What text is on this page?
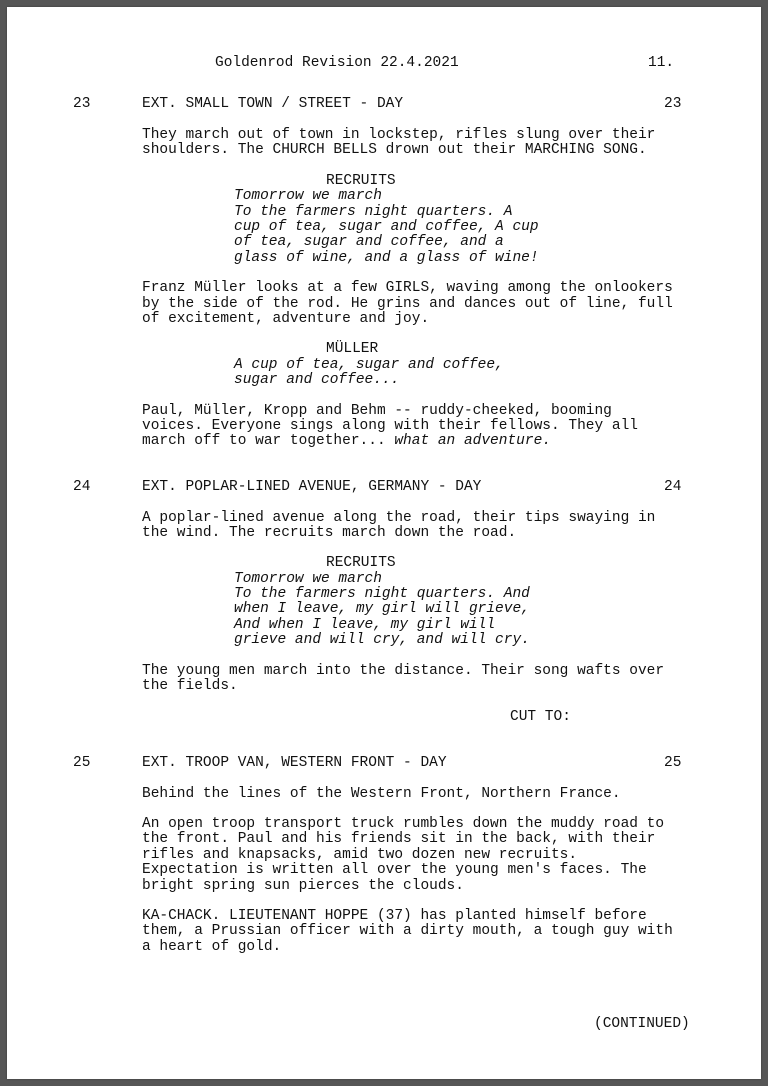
Goldenrod Revision 22.4.2021	11.
23	EXT. SMALL TOWN / STREET - DAY	23
They march out of town in lockstep, rifles slung over their
shoulders. The CHURCH BELLS drown out their MARCHING SONG.
RECRUITS
Tomorrow we march
To the farmers night quarters. A
cup of tea, sugar and coffee, A cup
of tea, sugar and coffee, and a
glass of wine, and a glass of wine!
Franz Müller looks at a few GIRLS, waving among the onlookers
by the side of the rod. He grins and dances out of line, full
of excitement, adventure and joy.
MÜLLER
A cup of tea, sugar and coffee,
sugar and coffee...
Paul, Müller, Kropp and Behm -- ruddy-cheeked, booming
voices. Everyone sings along with their fellows. They all
march off to war together... what an adventure.
24	EXT. POPLAR-LINED AVENUE, GERMANY - DAY	24
A poplar-lined avenue along the road, their tips swaying in
the wind. The recruits march down the road.
RECRUITS
Tomorrow we march
To the farmers night quarters. And
when I leave, my girl will grieve,
And when I leave, my girl will
grieve and will cry, and will cry.
The young men march into the distance. Their song wafts over
the fields.
CUT TO:
25	EXT. TROOP VAN, WESTERN FRONT - DAY	25
Behind the lines of the Western Front, Northern France.
An open troop transport truck rumbles down the muddy road to
the front. Paul and his friends sit in the back, with their
rifles and knapsacks, amid two dozen new recruits.
Expectation is written all over the young men's faces. The
bright spring sun pierces the clouds.
KA-CHACK. LIEUTENANT HOPPE (37) has planted himself before
them, a Prussian officer with a dirty mouth, a tough guy with
a heart of gold.
(CONTINUED)
